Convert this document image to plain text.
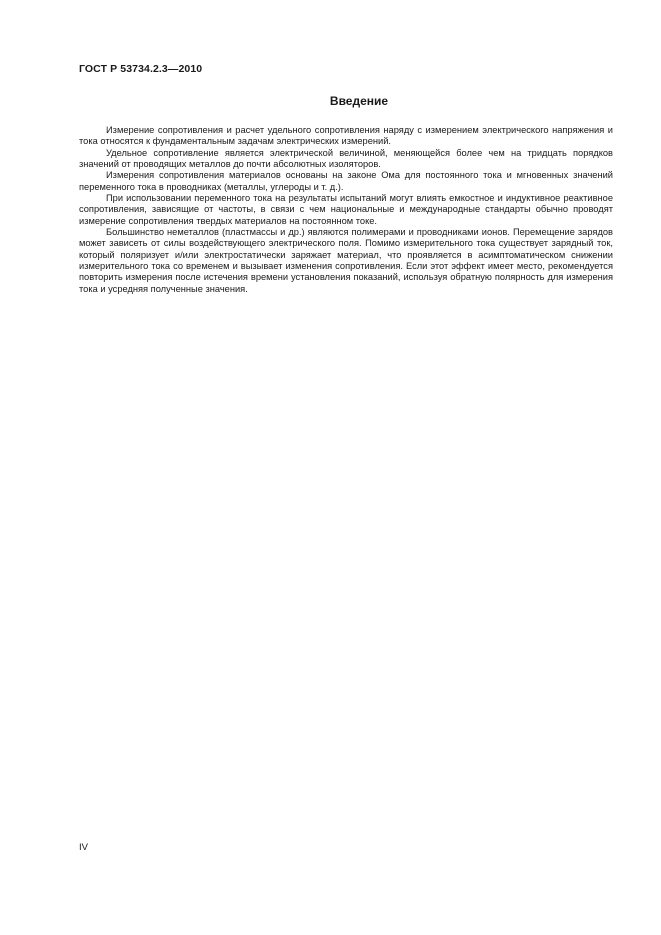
ГОСТ Р 53734.2.3—2010
Введение

Измерение сопротивления и расчет удельного сопротивления наряду с измерением электрического напряжения и тока относятся к фундаментальным задачам электрических измерений.

Удельное сопротивление является электрической величиной, меняющейся более чем на тридцать порядков значений от проводящих металлов до почти абсолютных изоляторов.

Измерения сопротивления материалов основаны на законе Ома для постоянного тока и мгновенных значений переменного тока в проводниках (металлы, углероды и т. д.).

При использовании переменного тока на результаты испытаний могут влиять емкостное и индуктивное реактивное сопротивления, зависящие от частоты, в связи с чем национальные и международные стандарты обычно проводят измерение сопротивления твердых материалов на постоянном токе.

Большинство неметаллов (пластмассы и др.) являются полимерами и проводниками ионов. Перемещение зарядов может зависеть от силы воздействующего электрического поля. Помимо измерительного тока существует зарядный ток, который поляризует и/или электростатически заряжает материал, что проявляется в асимптоматическом снижении измерительного тока со временем и вызывает изменения сопротивления. Если этот эффект имеет место, рекомендуется повторить измерения после истечения времени установления показаний, используя обратную полярность для измерения тока и усредняя полученные значения.

IV
